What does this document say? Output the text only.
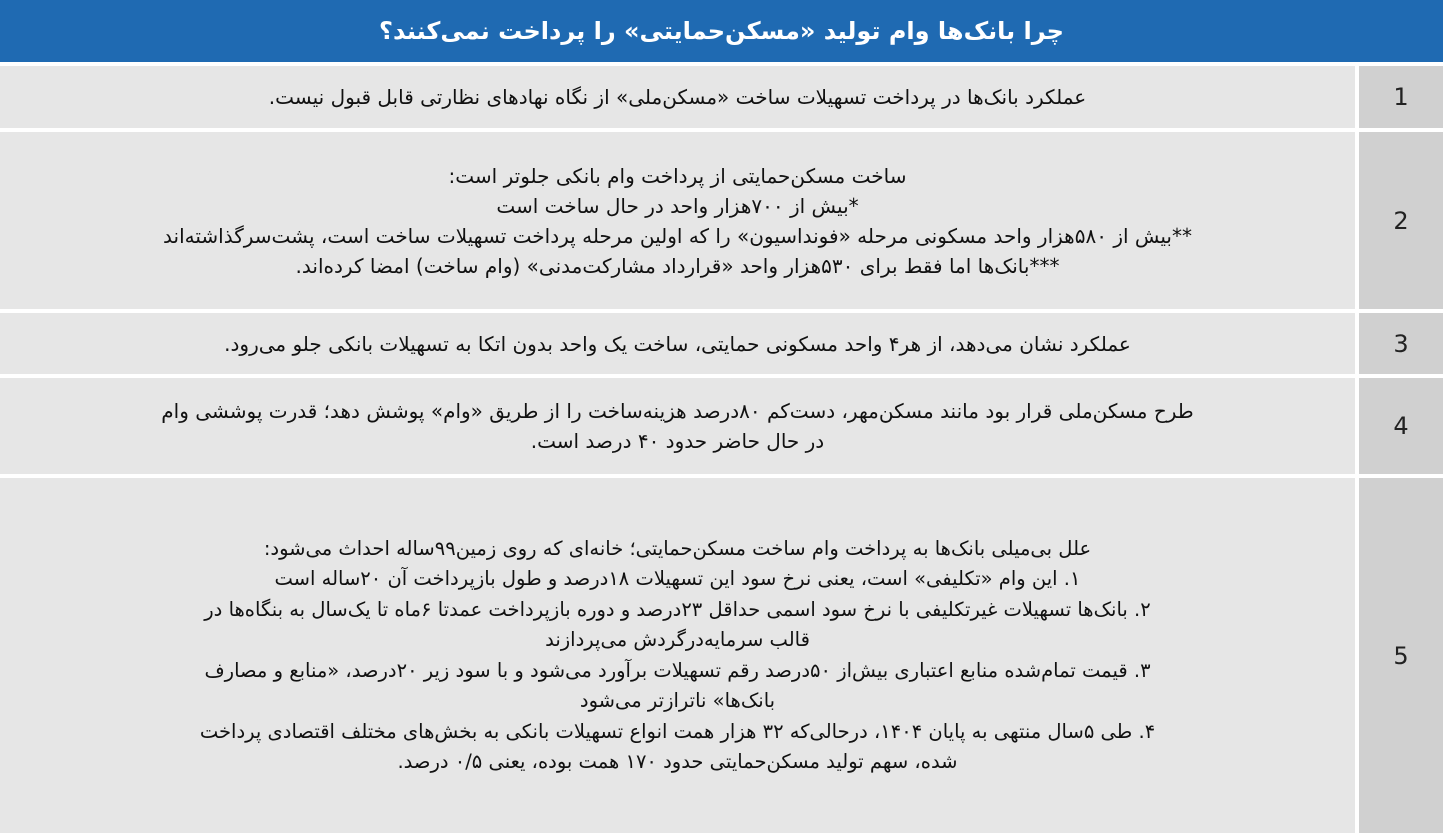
چرا بانک‌ها وام تولید «مسکن‌حمایتی» را پرداخت نمی‌کنند؟
1
عملکرد بانک‌ها در پرداخت تسهیلات ساخت «مسکن‌ملی» از نگاه نهادهای نظارتی قابل قبول نیست.
2
ساخت مسکن‌حمایتی از پرداخت وام بانکی جلوتر است:
*بیش از ۷۰۰هزار واحد در حال ساخت است
**بیش از ۵۸۰هزار واحد مسکونی مرحله «فونداسیون» را که اولین مرحله پرداخت تسهیلات ساخت است، پشت‌سرگذاشته‌اند
***بانک‌ها اما فقط برای ۵۳۰هزار واحد «قرارداد مشارکت‌مدنی» (وام ساخت) امضا کرده‌اند.
3
عملکرد نشان می‌دهد، از هر۴ واحد مسکونی حمایتی، ساخت یک واحد بدون اتکا به تسهیلات بانکی جلو می‌رود.
4
طرح مسکن‌ملی قرار بود مانند مسکن‌مهر، دست‌کم ۸۰درصد هزینه‌ساخت را از طریق «وام» پوشش دهد؛ قدرت پوششی وام
در حال حاضر حدود ۴۰ درصد است.
5
علل بی‌میلی بانک‌ها به پرداخت وام ساخت مسکن‌حمایتی؛ خانه‌ای که روی زمین۹۹ساله احداث می‌شود:
۱. این وام «تکلیفی» است، یعنی نرخ سود این تسهیلات ۱۸درصد و طول بازپرداخت آن ۲۰ساله است
۲. بانک‌ها تسهیلات غیرتکلیفی با نرخ سود اسمی حداقل ۲۳درصد و دوره بازپرداخت عمدتا ۶ماه تا یک‌سال به بنگاه‌ها در
قالب سرمایه‌درگردش می‌پردازند
۳. قیمت تمام‌شده منابع اعتباری بیش‌از ۵۰درصد رقم تسهیلات برآورد می‌شود و با سود زیر ۲۰درصد، «منابع و مصارف
بانک‌ها» ناترازتر می‌شود
۴. طی ۵سال منتهی به پایان ۱۴۰۴، درحالی‌که ۳۲ هزار همت انواع تسهیلات بانکی به بخش‌های مختلف اقتصادی پرداخت
شده، سهم تولید مسکن‌حمایتی حدود ۱۷۰ همت بوده، یعنی ۰/۵ درصد.
